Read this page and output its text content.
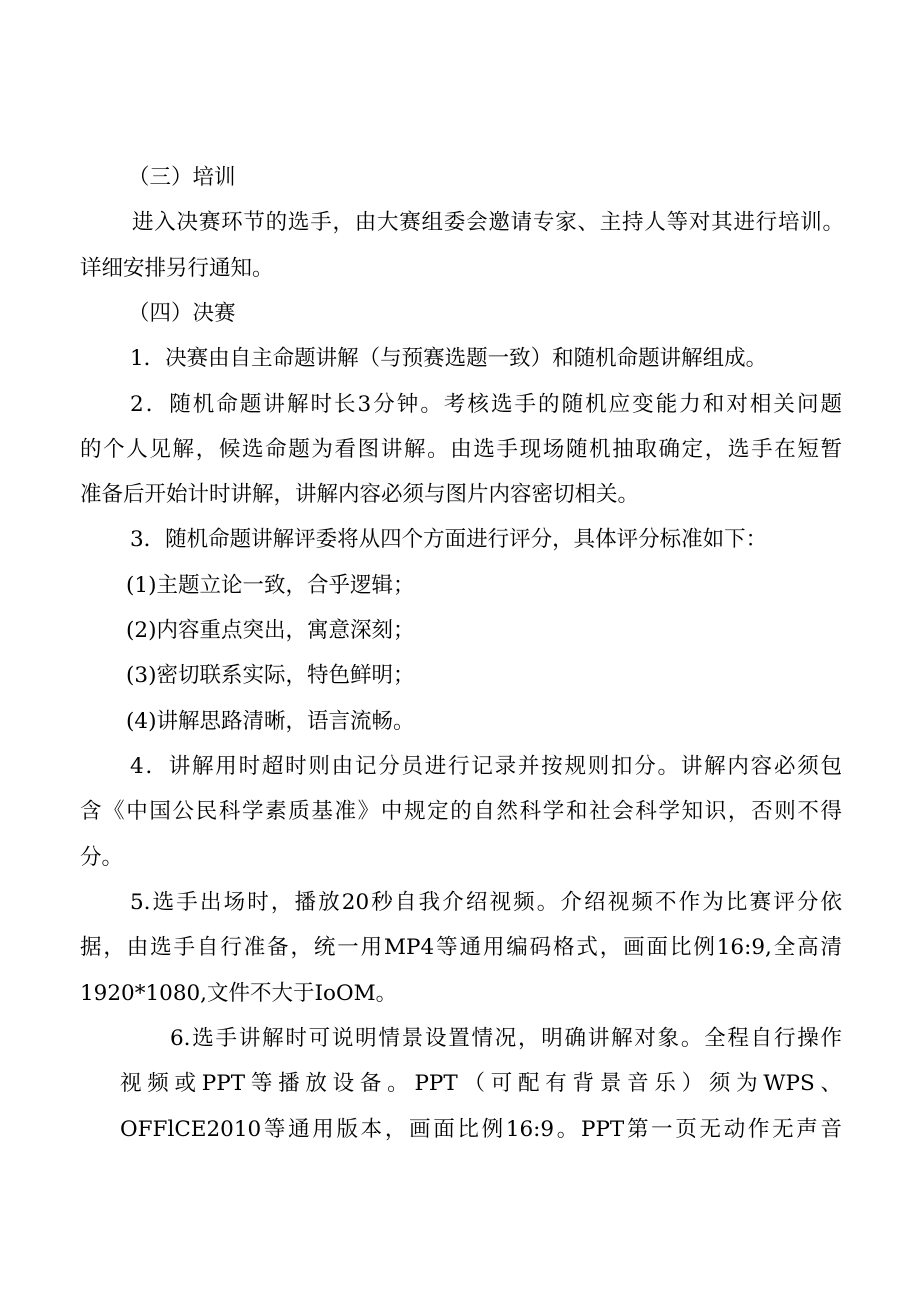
（三）培训
进入决赛环节的选手，由大赛组委会邀请专家、主持人等对其进行培训。
详细安排另行通知。
（四）决赛
1．决赛由自主命题讲解（与预赛选题一致）和随机命题讲解组成。
2．随机命题讲解时长3分钟。考核选手的随机应变能力和对相关问题
的个人见解，候选命题为看图讲解。由选手现场随机抽取确定，选手在短暂
准备后开始计时讲解，讲解内容必须与图片内容密切相关。
3．随机命题讲解评委将从四个方面进行评分，具体评分标准如下：
(1)主题立论一致，合乎逻辑；
(2)内容重点突出，寓意深刻；
(3)密切联系实际，特色鲜明；
(4)讲解思路清晰，语言流畅。
4．讲解用时超时则由记分员进行记录并按规则扣分。讲解内容必须包
含《中国公民科学素质基准》中规定的自然科学和社会科学知识，否则不得
分。
5.选手出场时，播放20秒自我介绍视频。介绍视频不作为比赛评分依
据，由选手自行准备，统一用MP4等通用编码格式，画面比例16:9,全高清
1920*1080,文件不大于IoOM。
6.选手讲解时可说明情景设置情况，明确讲解对象。全程自行操作
视频或PPT等播放设备。PPT（可配有背景音乐）须为WPS、
OFFlCE2010等通用版本，画面比例16:9。PPT第一页无动作无声音
